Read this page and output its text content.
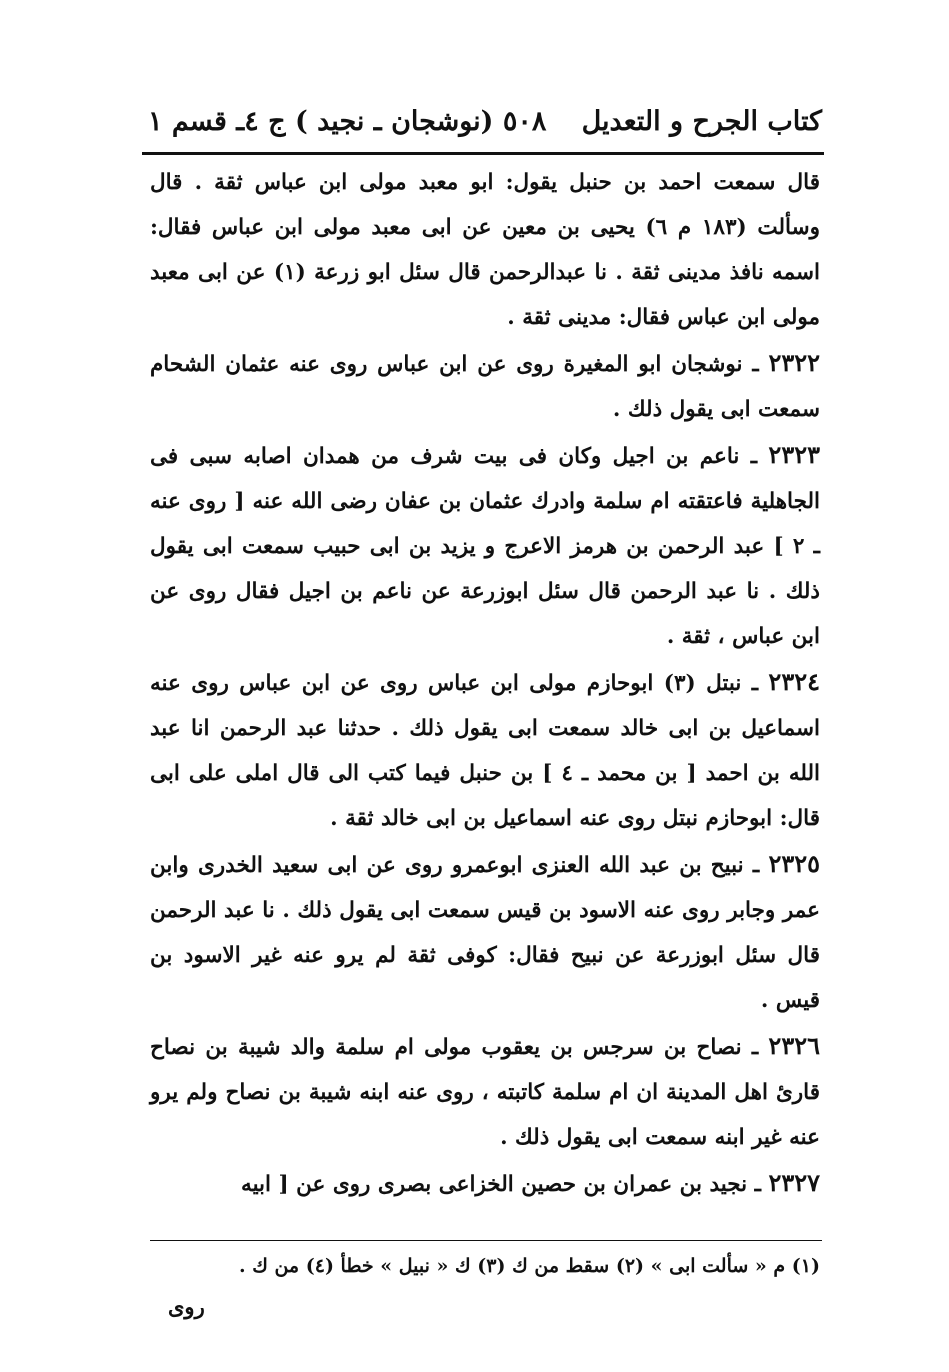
كتاب الجرح و التعديل
٥٠٨ (نوشجان ـ نجيد ) ج ٤ـ قسم ١

قال سمعت احمد بن حنبل يقول: ابو معبد مولى ابن عباس ثقة . قال وسألت (١٨٣ م ٦) يحيى بن معين عن ابى معبد مولى ابن عباس فقال: اسمه نافذ مدينى ثقة . نا عبدالرحمن قال سئل ابو زرعة (١) عن ابى معبد مولى ابن عباس فقال: مدينى ثقة .

٢٣٢٢ ـ نوشجان ابو المغيرة روى عن ابن عباس روى عنه عثمان الشحام سمعت ابى يقول ذلك .

٢٣٢٣ ـ ناعم بن اجيل وكان فى بيت شرف من همدان اصابه سبى فى الجاهلية فاعتقته ام سلمة وادرك عثمان بن عفان رضى الله عنه [ روى عنه ـ ٢ ] عبد الرحمن بن هرمز الاعرج و يزيد بن ابى حبيب سمعت ابى يقول ذلك . نا عبد الرحمن قال سئل ابوزرعة عن ناعم بن اجيل فقال روى عن ابن عباس ، ثقة .

٢٣٢٤ ـ نبتل (٣) ابوحازم مولى ابن عباس روى عن ابن عباس روى عنه اسماعيل بن ابى خالد سمعت ابى يقول ذلك . حدثنا عبد الرحمن انا عبد الله بن احمد [ بن محمد ـ ٤ ] بن حنبل فيما كتب الى قال املى على ابى قال: ابوحازم نبتل روى عنه اسماعيل بن ابى خالد ثقة .

٢٣٢٥ ـ نبيح بن عبد الله العنزى ابوعمرو روى عن ابى سعيد الخدرى وابن عمر وجابر روى عنه الاسود بن قيس سمعت ابى يقول ذلك . نا عبد الرحمن قال سئل ابوزرعة عن نبيح فقال: كوفى ثقة لم يرو عنه غير الاسود بن قيس .

٢٣٢٦ ـ نصاح بن سرجس بن يعقوب مولى ام سلمة والد شيبة بن نصاح قارئ اهل المدينة ان ام سلمة كاتبته ، روى عنه ابنه شيبة بن نصاح ولم يرو عنه غير ابنه سمعت ابى يقول ذلك .

٢٣٢٧ ـ نجيد بن عمران بن حصين الخزاعى بصرى روى عن [ ابيه

(١) م « سألت ابى » (٢) سقط من ك (٣) ك « نبيل » خطأ (٤) من ك .
روى
